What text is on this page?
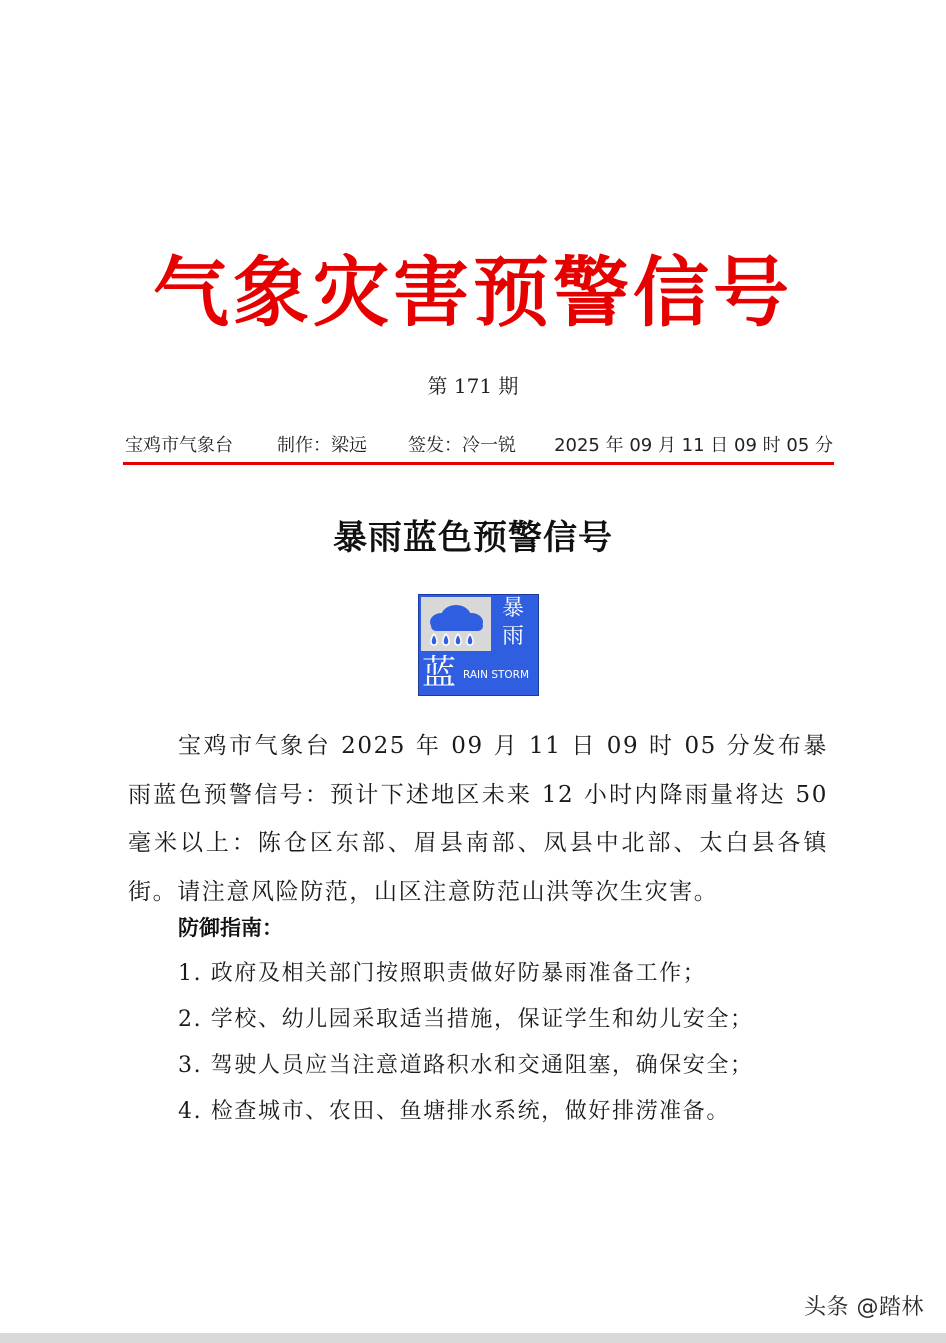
气象灾害预警信号
第 171 期
宝鸡市气象台 制作：梁远 签发：冷一锐 2025 年 09 月 11 日 09 时 05 分
暴雨蓝色预警信号
暴
雨
蓝 RAIN STORM
宝鸡市气象台 2025 年 09 月 11 日 09 时 05 分发布暴雨蓝色预警信号：预计下述地区未来 12 小时内降雨量将达 50 毫米以上：陈仓区东部、眉县南部、凤县中北部、太白县各镇街。请注意风险防范，山区注意防范山洪等次生灾害。
防御指南：
1. 政府及相关部门按照职责做好防暴雨准备工作；
2. 学校、幼儿园采取适当措施，保证学生和幼儿安全；
3. 驾驶人员应当注意道路积水和交通阻塞，确保安全；
4. 检查城市、农田、鱼塘排水系统，做好排涝准备。
头条 @踏林
